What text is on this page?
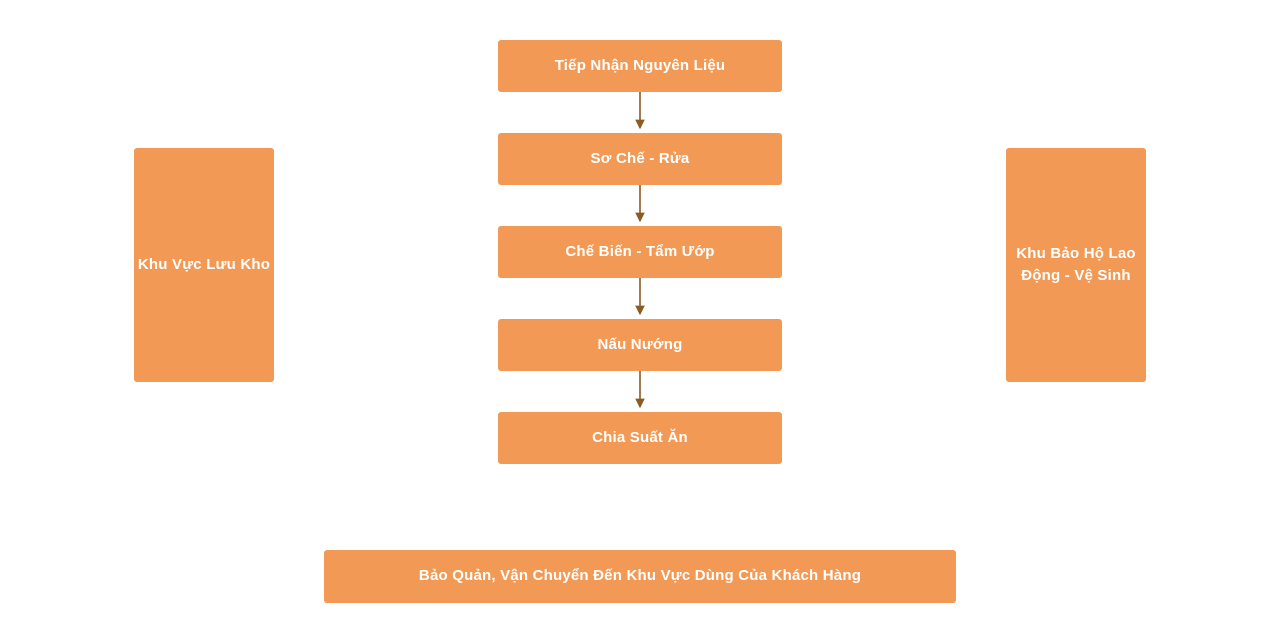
Khu Vực Lưu Kho
Tiếp Nhận Nguyên Liệu
Sơ Chế - Rửa
Chế Biến - Tẩm Ướp
Nấu Nướng
Chia Suất Ăn
Khu Bảo Hộ Lao Động - Vệ Sinh
Bảo Quản, Vận Chuyển Đến Khu Vực Dùng Của Khách Hàng
